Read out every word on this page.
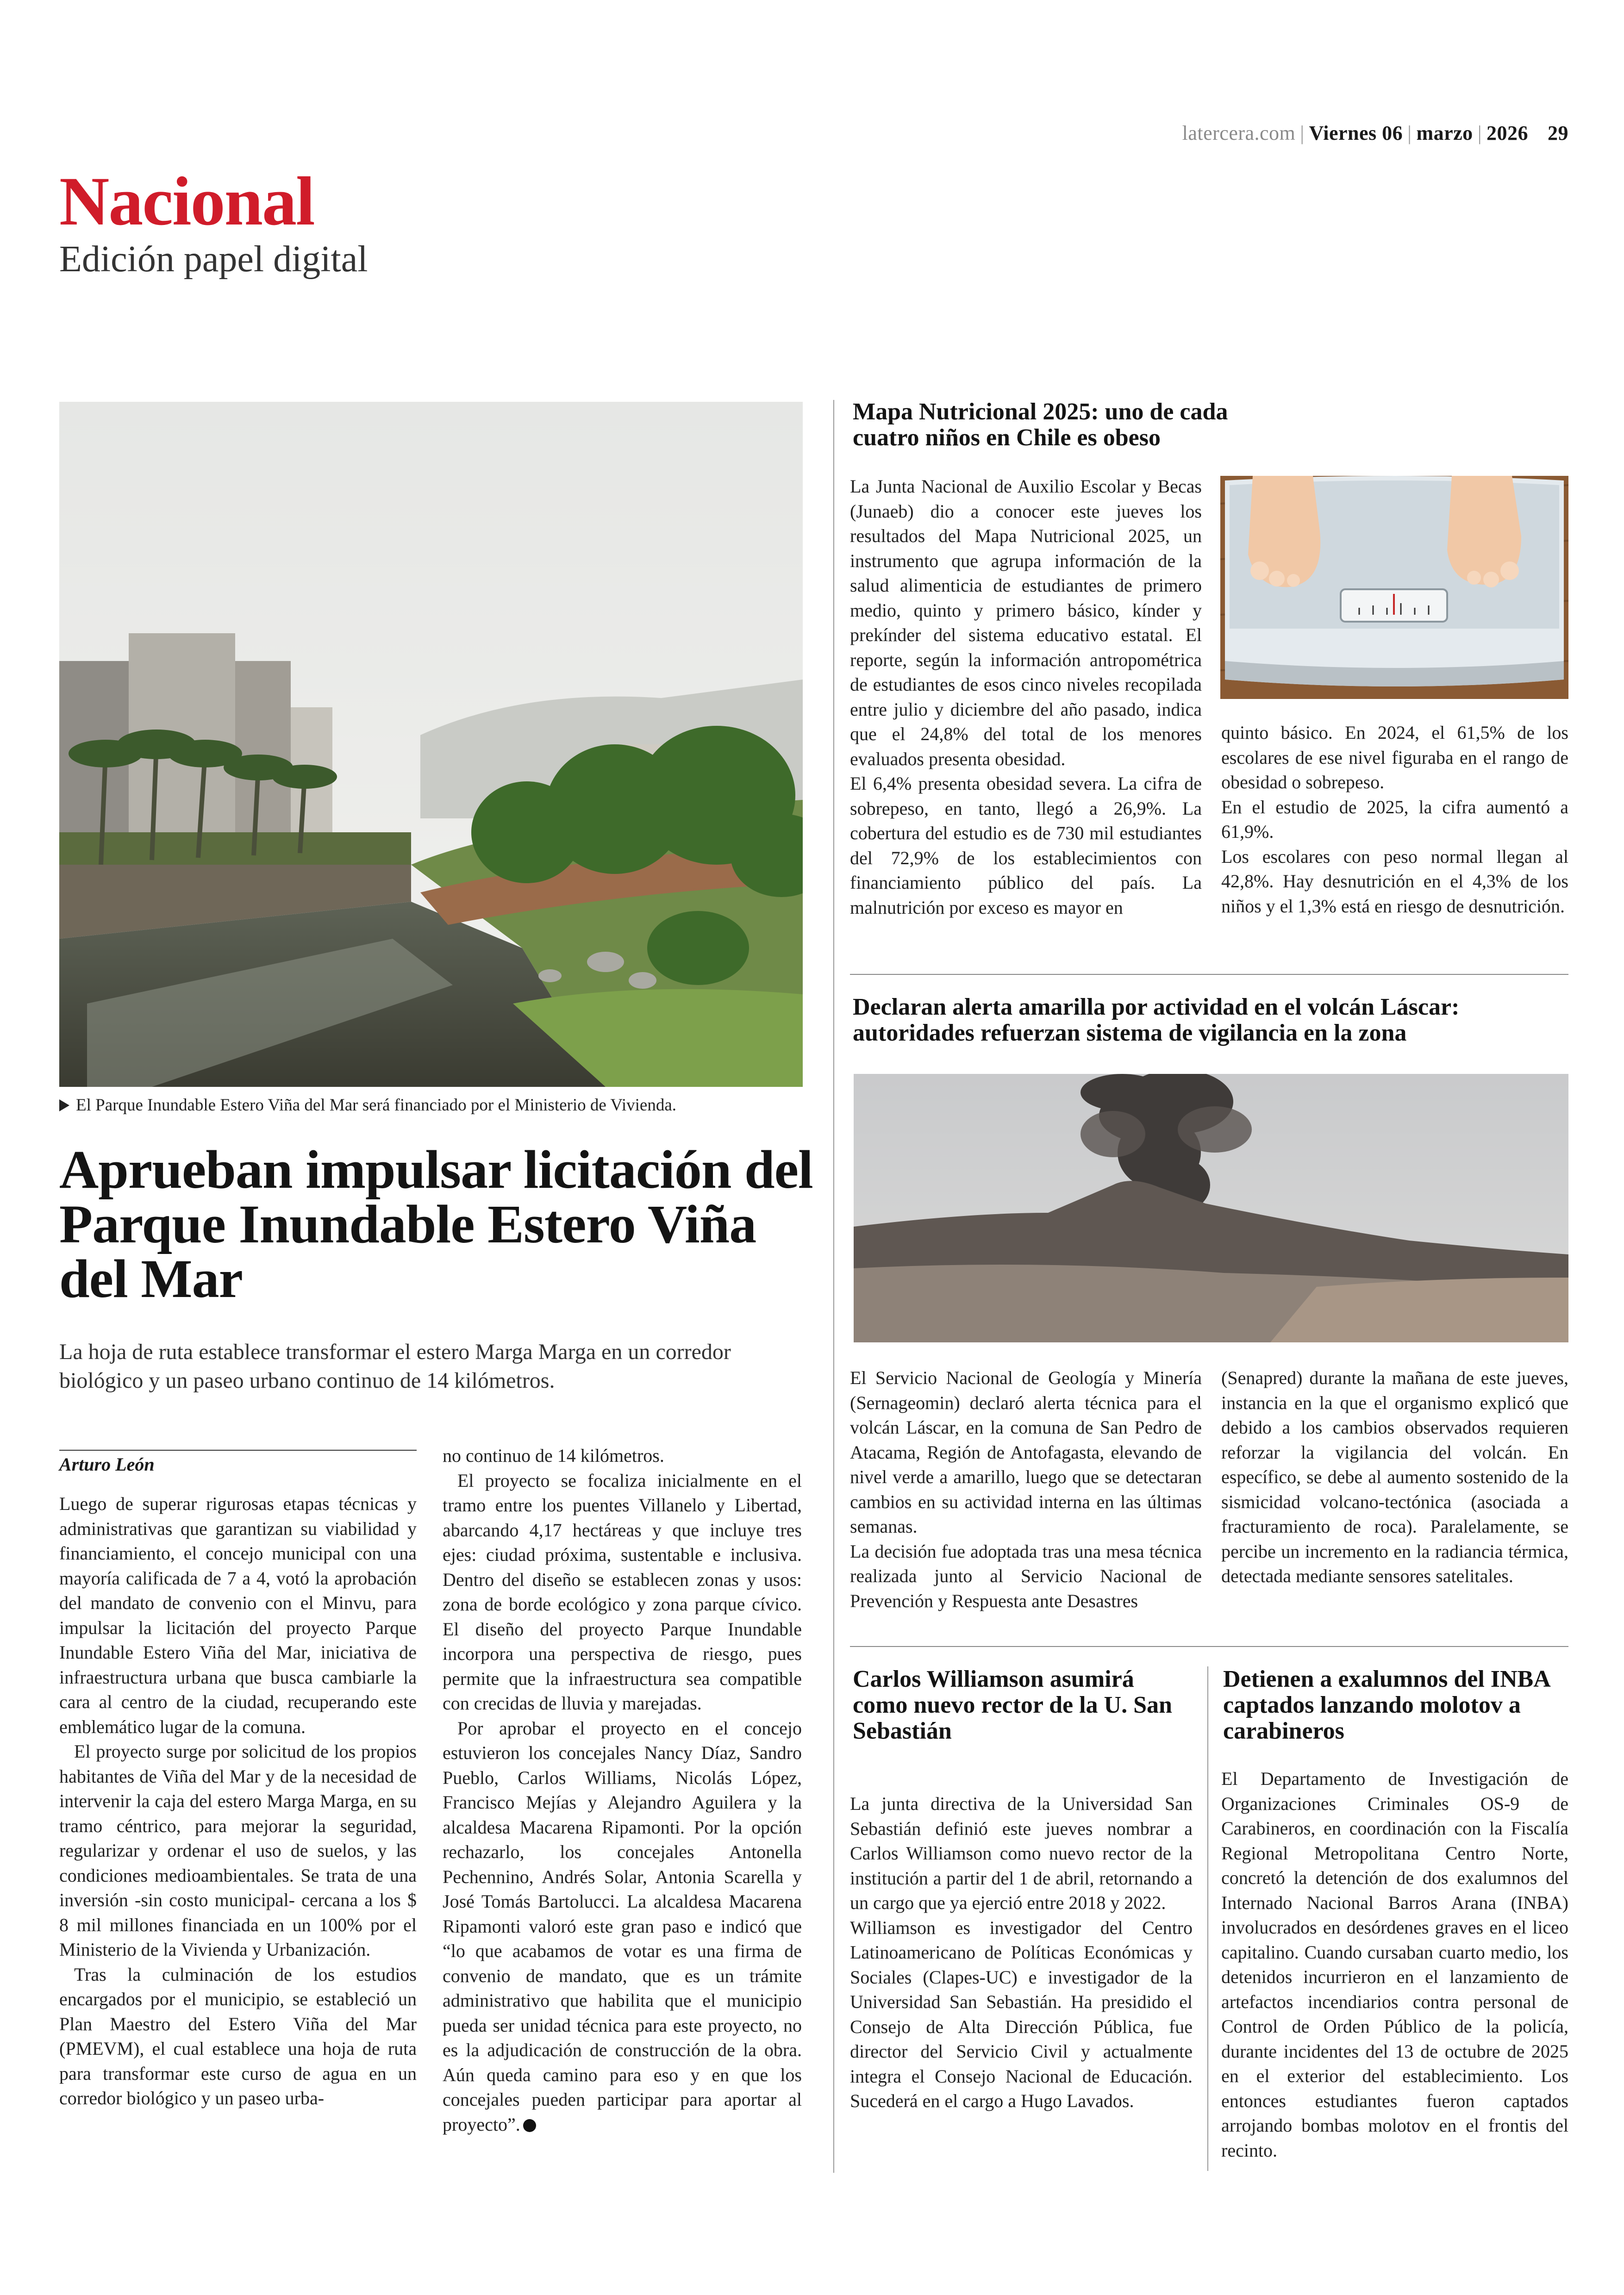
latercera.com | Viernes 06 | marzo | 2026 29
Nacional
Edición papel digital
El Parque Inundable Estero Viña del Mar será financiado por el Ministerio de Vivienda.
Aprueban impulsar licitación del Parque Inundable Estero Viña del Mar
La hoja de ruta establece transformar el estero Marga Marga en un corredor biológico y un paseo urbano continuo de 14 kilómetros.
Arturo León

Luego de superar rigurosas etapas técnicas y administrativas que garantizan su viabilidad y financiamiento, el concejo municipal con una mayoría calificada de 7 a 4, votó la aprobación del mandato de convenio con el Minvu, para impulsar la licitación del proyecto Parque Inundable Estero Viña del Mar, iniciativa de infraestructura urbana que busca cambiarle la cara al centro de la ciudad, recuperando este emblemático lugar de la comuna.

El proyecto surge por solicitud de los propios habitantes de Viña del Mar y de la necesidad de intervenir la caja del estero Marga Marga, en su tramo céntrico, para mejorar la seguridad, regularizar y ordenar el uso de suelos, y las condiciones medioambientales. Se trata de una inversión -sin costo municipal- cercana a los $ 8 mil millones financiada en un 100% por el Ministerio de la Vivienda y Urbanización.

Tras la culminación de los estudios encargados por el municipio, se estableció un Plan Maestro del Estero Viña del Mar (PMEVM), el cual establece una hoja de ruta para transformar este curso de agua en un corredor biológico y un paseo urba-

no continuo de 14 kilómetros.

El proyecto se focaliza inicialmente en el tramo entre los puentes Villanelo y Libertad, abarcando 4,17 hectáreas y que incluye tres ejes: ciudad próxima, sustentable e inclusiva. Dentro del diseño se establecen zonas y usos: zona de borde ecológico y zona parque cívico. El diseño del proyecto Parque Inundable incorpora una perspectiva de riesgo, pues permite que la infraestructura sea compatible con crecidas de lluvia y marejadas.

Por aprobar el proyecto en el concejo estuvieron los concejales Nancy Díaz, Sandro Pueblo, Carlos Williams, Nicolás López, Francisco Mejías y Alejandro Aguilera y la alcaldesa Macarena Ripamonti. Por la opción rechazarlo, los concejales Antonella Pechennino, Andrés Solar, Antonia Scarella y José Tomás Bartolucci. La alcaldesa Macarena Ripamonti valoró este gran paso e indicó que “lo que acabamos de votar es una firma de convenio de mandato, que es un trámite administrativo que habilita que el municipio pueda ser unidad técnica para este proyecto, no es la adjudicación de construcción de la obra. Aún queda camino para eso y en que los concejales pueden participar para aportar al proyecto”.

Mapa Nutricional 2025: uno de cada cuatro niños en Chile es obeso

La Junta Nacional de Auxilio Escolar y Becas (Junaeb) dio a conocer este jueves los resultados del Mapa Nutricional 2025, un instrumento que agrupa información de la salud alimenticia de estudiantes de primero medio, quinto y primero básico, kínder y prekínder del sistema educativo estatal. El reporte, según la información antropométrica de estudiantes de esos cinco niveles recopilada entre julio y diciembre del año pasado, indica que el 24,8% del total de los menores evaluados presenta obesidad.

El 6,4% presenta obesidad severa. La cifra de sobrepeso, en tanto, llegó a 26,9%. La cobertura del estudio es de 730 mil estudiantes del 72,9% de los establecimientos con financiamiento público del país. La malnutrición por exceso es mayor en

quinto básico. En 2024, el 61,5% de los escolares de ese nivel figuraba en el rango de obesidad o sobrepeso.

En el estudio de 2025, la cifra aumentó a 61,9%.

Los escolares con peso normal llegan al 42,8%. Hay desnutrición en el 4,3% de los niños y el 1,3% está en riesgo de desnutrición.

Declaran alerta amarilla por actividad en el volcán Láscar: autoridades refuerzan sistema de vigilancia en la zona

El Servicio Nacional de Geología y Minería (Sernageomin) declaró alerta técnica para el volcán Láscar, en la comuna de San Pedro de Atacama, Región de Antofagasta, elevando de nivel verde a amarillo, luego que se detectaran cambios en su actividad interna en las últimas semanas.

La decisión fue adoptada tras una mesa técnica realizada junto al Servicio Nacional de Prevención y Respuesta ante Desastres

(Senapred) durante la mañana de este jueves, instancia en la que el organismo explicó que debido a los cambios observados requieren reforzar la vigilancia del volcán. En específico, se debe al aumento sostenido de la sismicidad volcano-tectónica (asociada a fracturamiento de roca). Paralelamente, se percibe un incremento en la radiancia térmica, detectada mediante sensores satelitales.

Carlos Williamson asumirá como nuevo rector de la U. San Sebastián

La junta directiva de la Universidad San Sebastián definió este jueves nombrar a Carlos Williamson como nuevo rector de la institución a partir del 1 de abril, retornando a un cargo que ya ejerció entre 2018 y 2022.

Williamson es investigador del Centro Latinoamericano de Políticas Económicas y Sociales (Clapes-UC) e investigador de la Universidad San Sebastián. Ha presidido el Consejo de Alta Dirección Pública, fue director del Servicio Civil y actualmente integra el Consejo Nacional de Educación. Sucederá en el cargo a Hugo Lavados.

Detienen a exalumnos del INBA captados lanzando molotov a carabineros

El Departamento de Investigación de Organizaciones Criminales OS-9 de Carabineros, en coordinación con la Fiscalía Regional Metropolitana Centro Norte, concretó la detención de dos exalumnos del Internado Nacional Barros Arana (INBA) involucrados en desórdenes graves en el liceo capitalino. Cuando cursaban cuarto medio, los detenidos incurrieron en el lanzamiento de artefactos incendiarios contra personal de Control de Orden Público de la policía, durante incidentes del 13 de octubre de 2025 en el exterior del establecimiento. Los entonces estudiantes fueron captados arrojando bombas molotov en el frontis del recinto.
